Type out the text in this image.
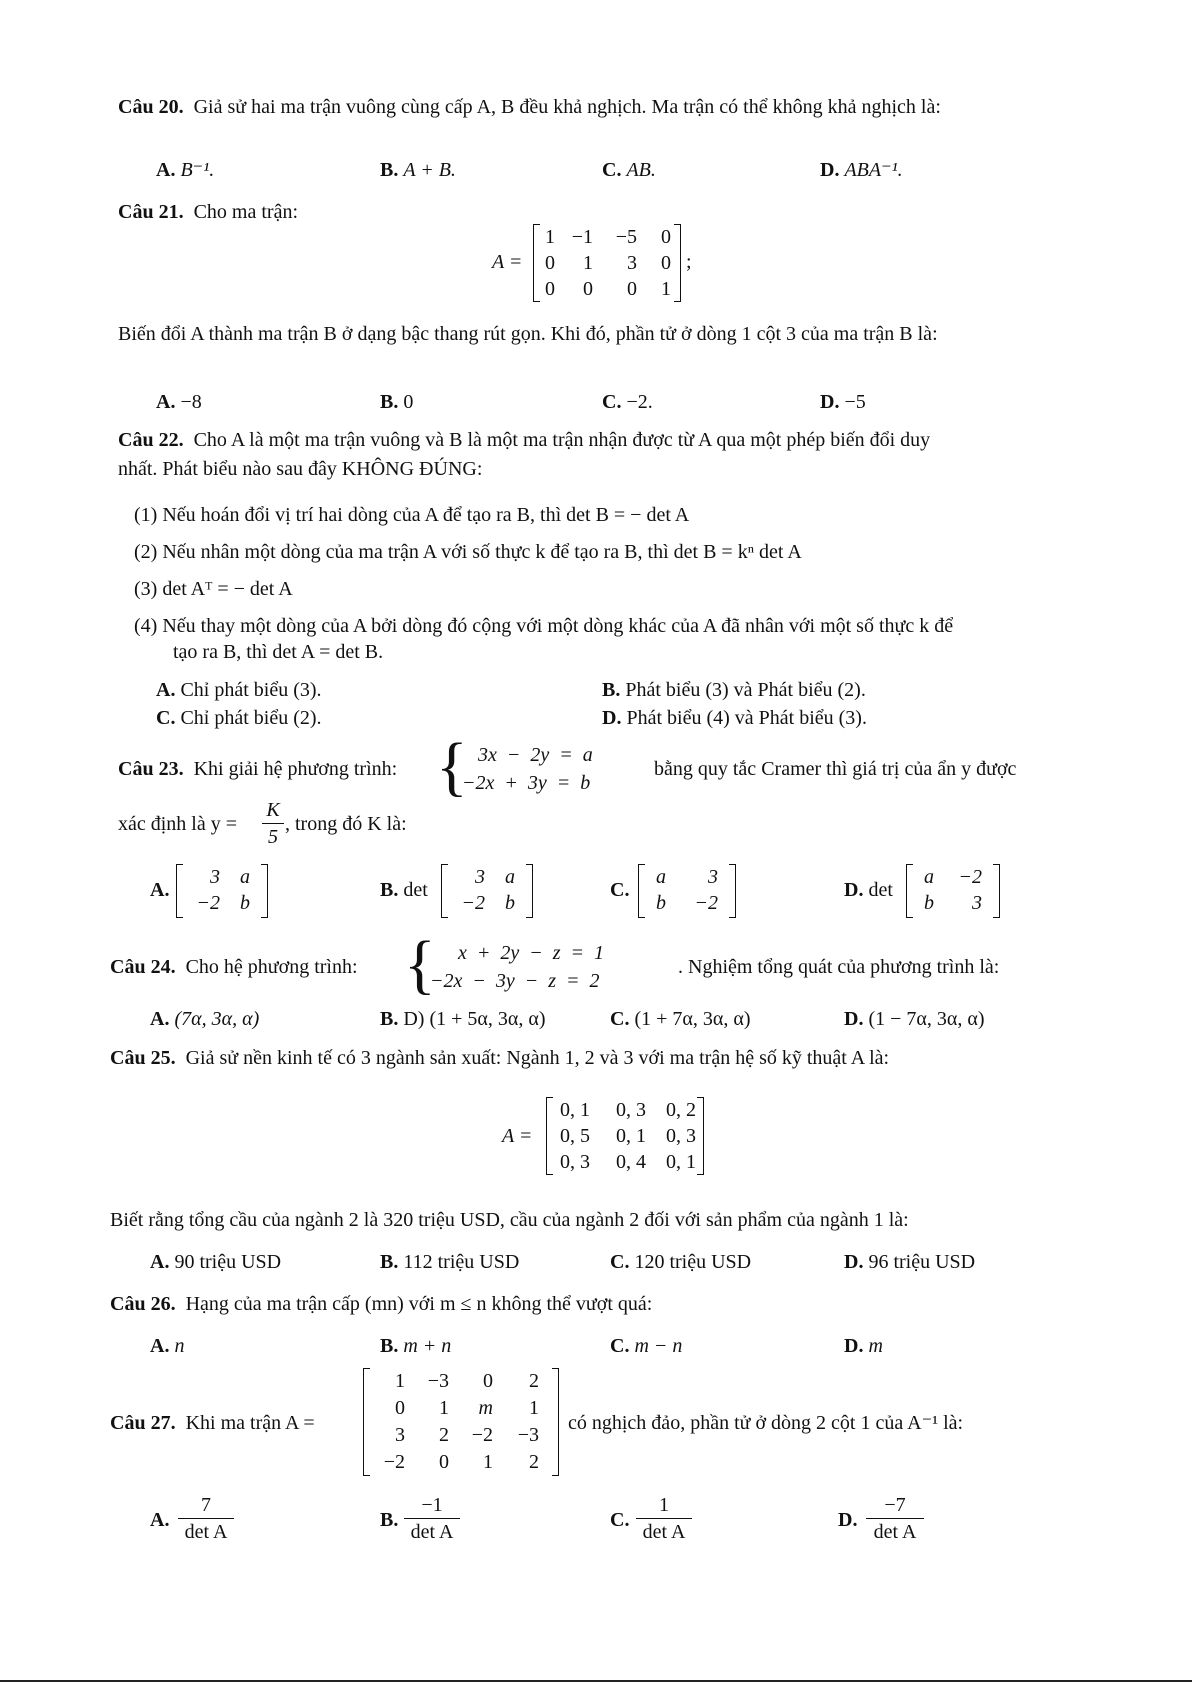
Câu 20. Giả sử hai ma trận vuông cùng cấp A, B đều khả nghịch. Ma trận có thể không khả nghịch là:
A. B⁻¹.	B. A + B.	C. AB.	D. ABA⁻¹.
Câu 21. Cho ma trận:
A =
1 −1	−5	0
0	1	3	0
0	0	0	1
;
Biến đổi A thành ma trận B ở dạng bậc thang rút gọn. Khi đó, phần tử ở dòng 1 cột 3 của ma trận B là:
A. −8	B. 0	C. −2.	D. −5
Câu 22. Cho A là một ma trận vuông và B là một ma trận nhận được từ A qua một phép biến đổi duy
nhất. Phát biểu nào sau đây KHÔNG ĐÚNG:
(1) Nếu hoán đổi vị trí hai dòng của A để tạo ra B, thì det B = − det A
(2) Nếu nhân một dòng của ma trận A với số thực k để tạo ra B, thì det B = kⁿ det A
(3) det Aᵀ = − det A
(4) Nếu thay một dòng của A bởi dòng đó cộng với một dòng khác của A đã nhân với một số thực k để
tạo ra B, thì det A = det B.
A. Chỉ phát biểu (3).	B. Phát biểu (3) và Phát biểu (2).
C. Chỉ phát biểu (2).	D. Phát biểu (4) và Phát biểu (3).
Câu 23. Khi giải hệ phương trình: { 3x  −  2y  =  a
−2x  +  3y  =  b
bằng quy tắc Cramer thì giá trị của ẩn y được
xác định là $y = \frac{K}{5}$ , trong đó K là:
A.
3	a
−2	b
B. det
3	a
−2	b
C.
a	3
b	−2
D. det
a	−2
b	3
Câu 24. Cho hệ phương trình: { x  +  2y  −  z  =  1
−2x  −  3y  −  z  =  2
. Nghiệm tổng quát của phương trình là:
A. (7α, 3α, α)	B. D) (1 + 5α, 3α, α)	C. (1 + 7α, 3α, α)	D. (1 − 7α, 3α, α)
Câu 25. Giả sử nền kinh tế có 3 ngành sản xuất: Ngành 1, 2 và 3 với ma trận hệ số kỹ thuật A là:
A =
0, 1	0, 3	0, 2
0, 5	0, 1	0, 3
0, 3	0, 4	0, 1
Biết rằng tổng cầu của ngành 2 là 320 triệu USD, cầu của ngành 2 đối với sản phẩm của ngành 1 là:
A. 90 triệu USD	B. 112 triệu USD	C. 120 triệu USD	D. 96 triệu USD
Câu 26. Hạng của ma trận cấp (mn) với m ≤ n không thể vượt quá:
A. n	B. m + n	C. m − n	D. m
Câu 27. Khi ma trận A =
1	−3	0	2
0	1	m	1
3	2	−2	−3
−2	0	1	2
có nghịch đảo, phần tử ở dòng 2 cột 1 của A⁻¹ là:
A.
7
det A
B.
−1
det A
C.
1
det A
D.
−7
det A
